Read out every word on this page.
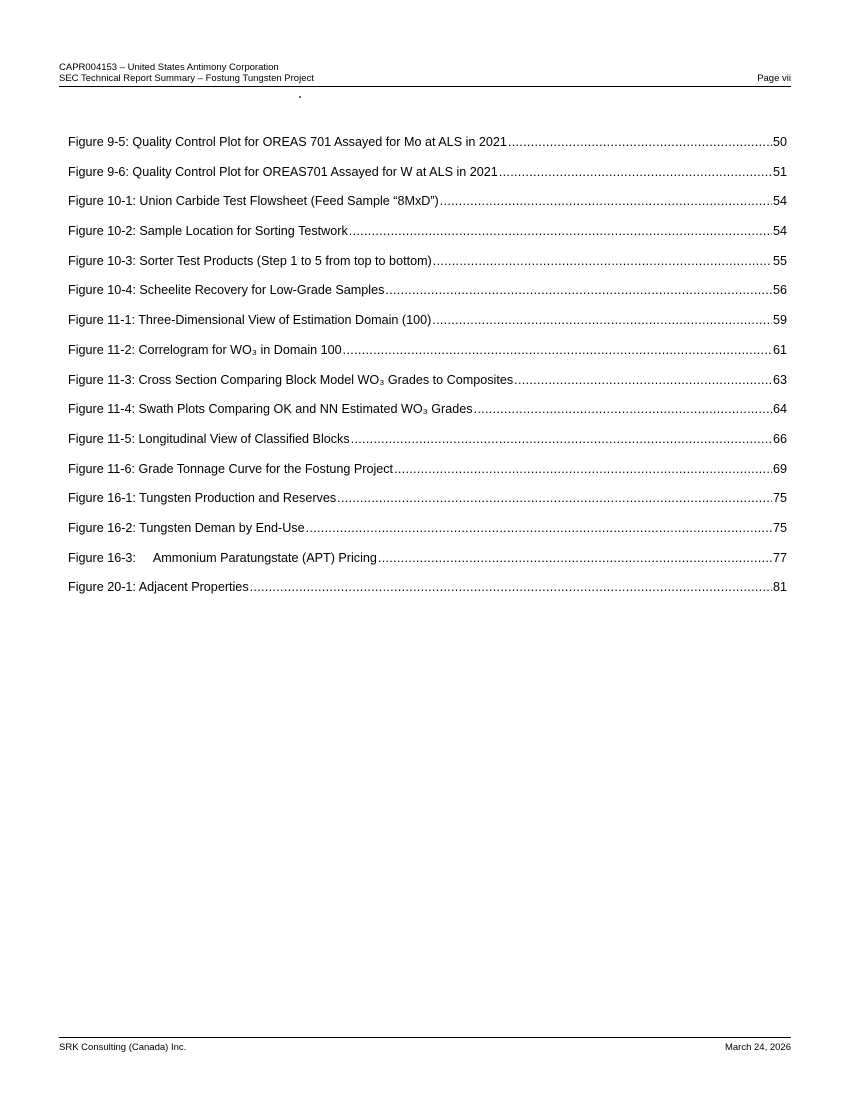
CAPR004153 – United States Antimony Corporation
SEC Technical Report Summary – Fostung Tungsten Project	Page vii
Figure 9-5: Quality Control Plot for OREAS 701 Assayed for Mo at ALS in 2021 .....	50
Figure 9-6: Quality Control Plot for OREAS701 Assayed for W at ALS in 2021 .....	51
Figure 10-1: Union Carbide Test Flowsheet (Feed Sample “8MxD”) .....	54
Figure 10-2: Sample Location for Sorting Testwork .....	54
Figure 10-3: Sorter Test Products (Step 1 to 5 from top to bottom) .....	55
Figure 10-4: Scheelite Recovery for Low-Grade Samples .....	56
Figure 11-1: Three-Dimensional View of Estimation Domain (100) .....	59
Figure 11-2: Correlogram for WO₃ in Domain 100 .....	61
Figure 11-3: Cross Section Comparing Block Model WO₃ Grades to Composites .....	63
Figure 11-4: Swath Plots Comparing OK and NN Estimated WO₃ Grades .....	64
Figure 11-5: Longitudinal View of Classified Blocks .....	66
Figure 11-6: Grade Tonnage Curve for the Fostung Project .....	69
Figure 16-1: Tungsten Production and Reserves .....	75
Figure 16-2: Tungsten Deman by End-Use .....	75
Figure 16-3: Ammonium Paratungstate (APT) Pricing .....	77
Figure 20-1: Adjacent Properties .....	81
SRK Consulting (Canada) Inc.	March 24, 2026
